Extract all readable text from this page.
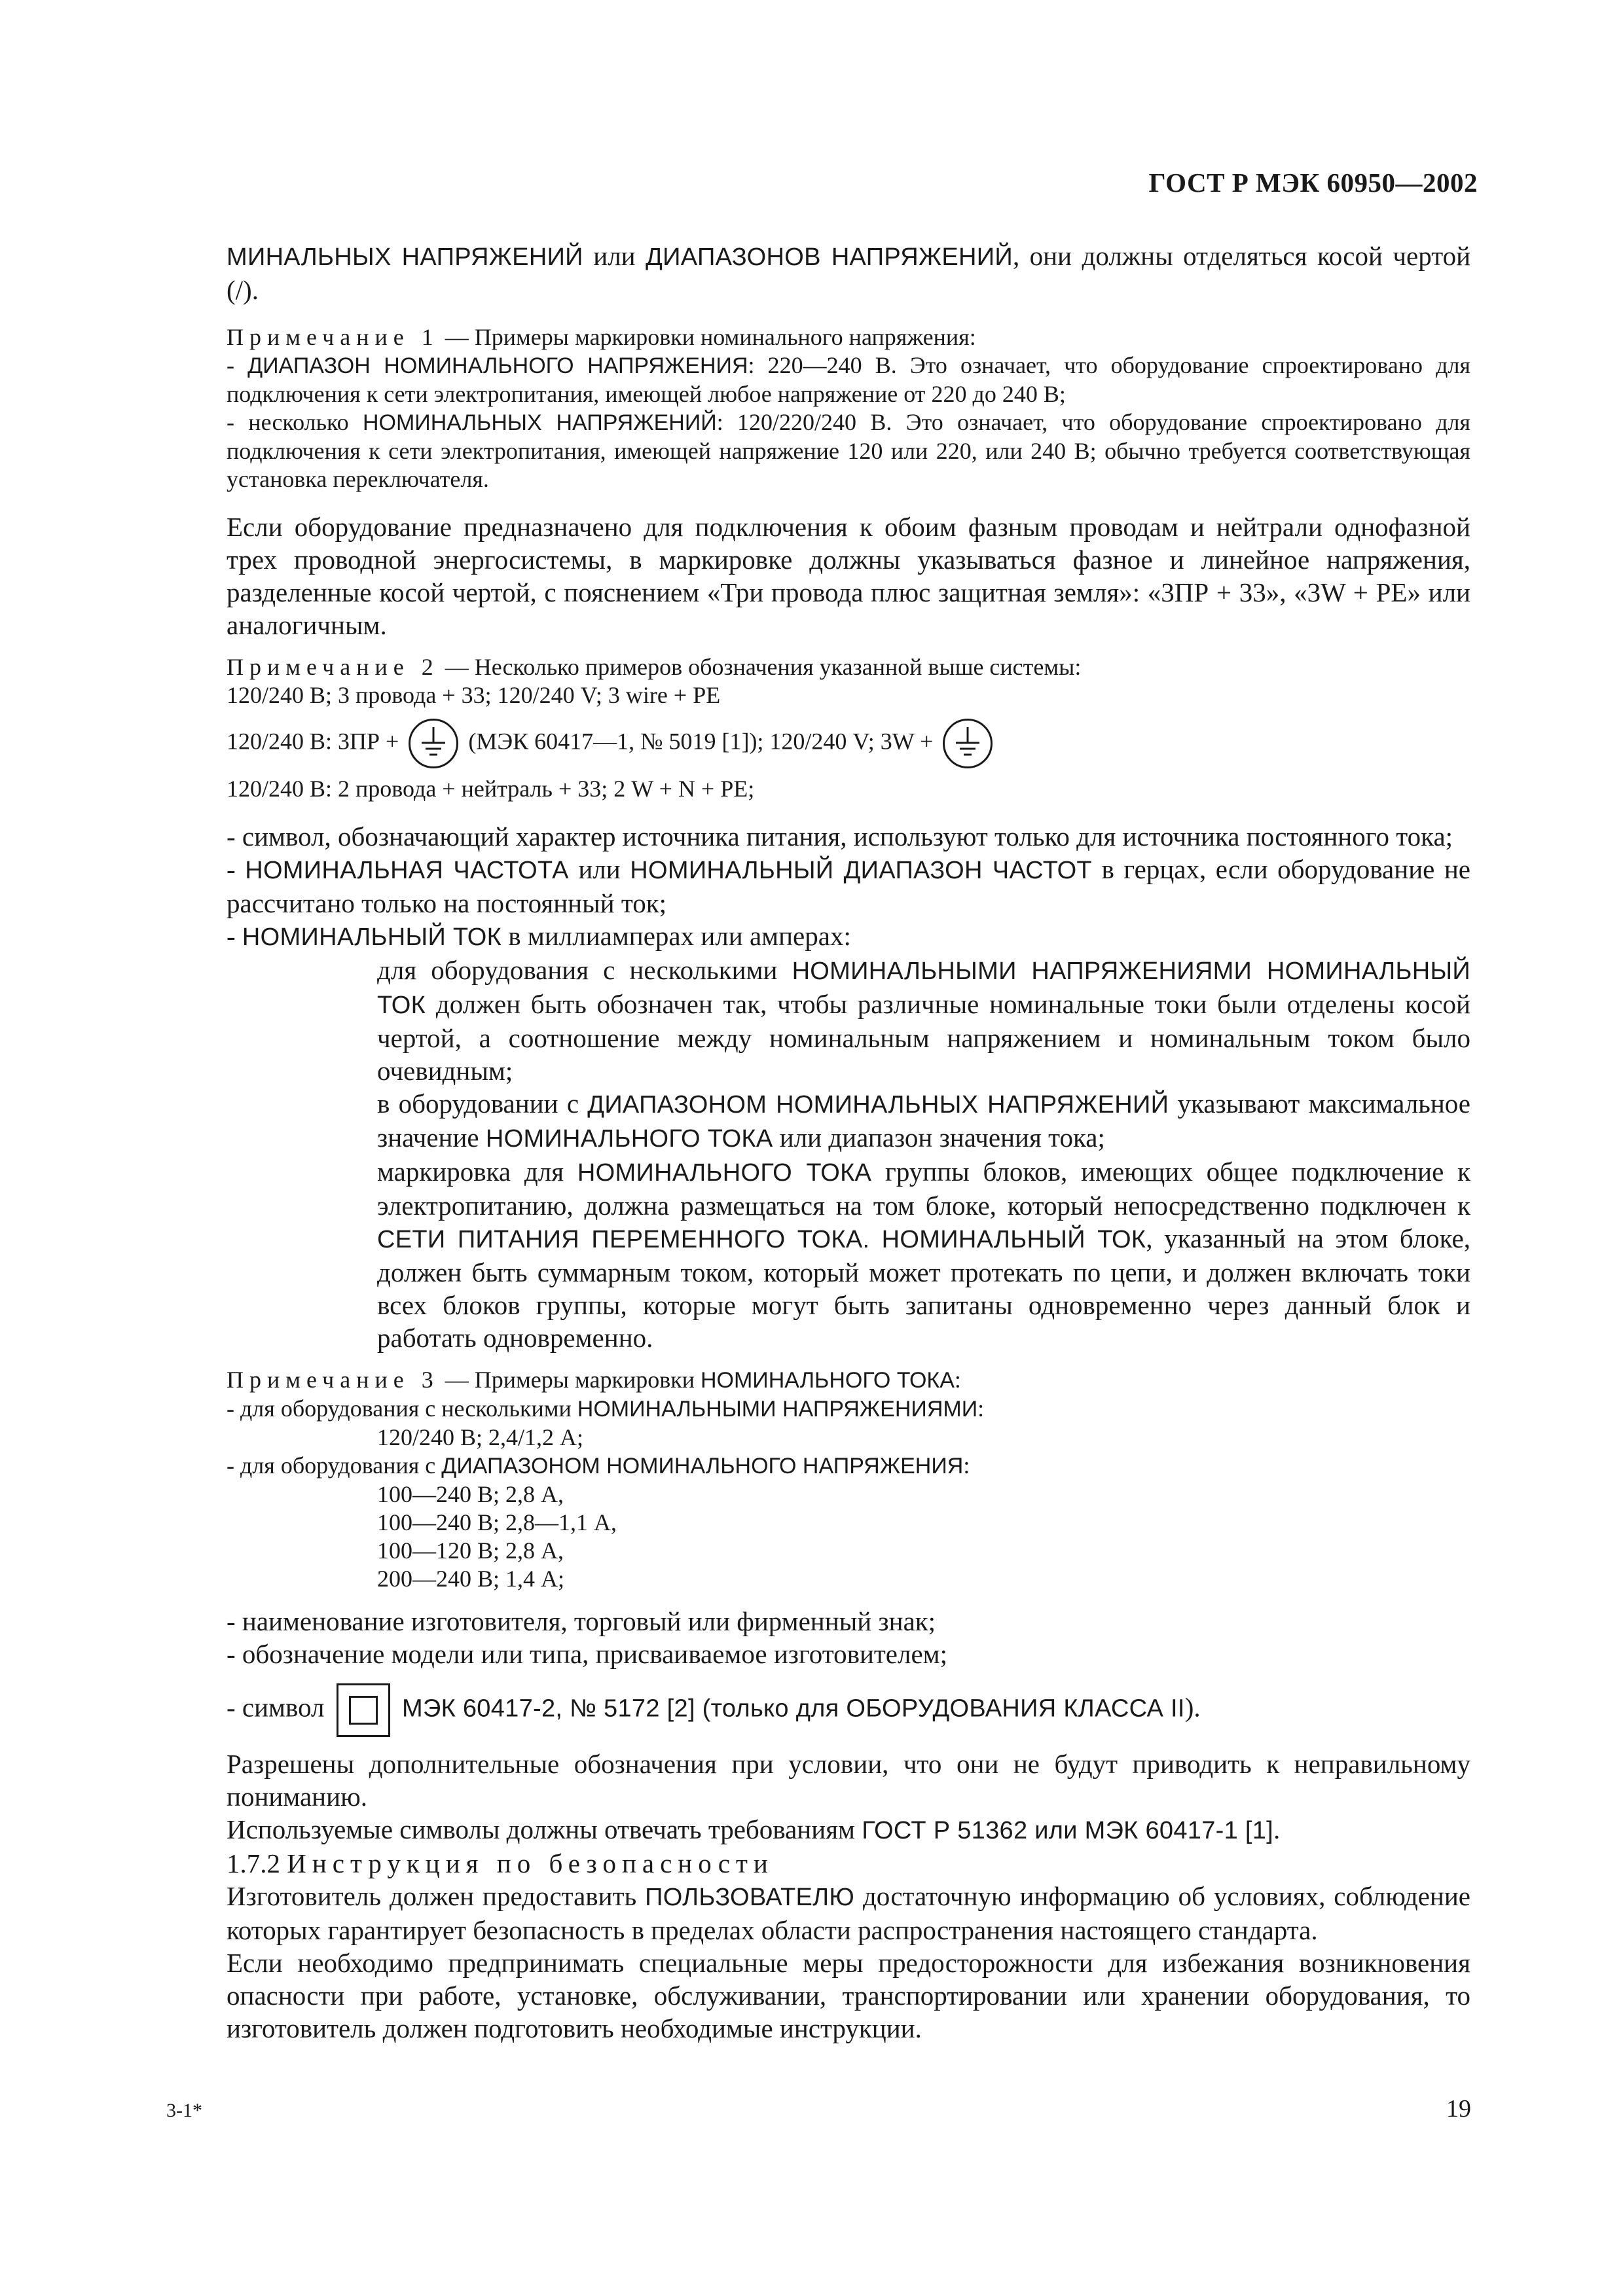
ГОСТ Р МЭК 60950—2002

МИНАЛЬНЫХ НАПРЯЖЕНИЙ или ДИАПАЗОНОВ НАПРЯЖЕНИЙ, они должны отделяться косой чертой (/).

Примечание 1 — Примеры маркировки номинального напряжения:

- ДИАПАЗОН НОМИНАЛЬНОГО НАПРЯЖЕНИЯ: 220—240 В. Это означает, что оборудование спроектировано для подключения к сети электропитания, имеющей любое напряжение от 220 до 240 В;

- несколько НОМИНАЛЬНЫХ НАПРЯЖЕНИЙ: 120/220/240 В. Это означает, что оборудование спроектировано для подключения к сети электропитания, имеющей напряжение 120 или 220, или 240 В; обычно требуется соответствующая установка переключателя.

Если оборудование предназначено для подключения к обоим фазным проводам и нейтрали однофазной трех проводной энергосистемы, в маркировке должны указываться фазное и линейное напряжения, разделенные косой чертой, с пояснением «Три провода плюс защитная земля»: «3ПР + 33», «3W + PE» или аналогичным.

Примечание 2 — Несколько примеров обозначения указанной выше системы:

120/240 В; 3 провода + 33; 120/240 V; 3 wire + PE

120/240 В: 3ПР +	(МЭК 60417—1, № 5019 [1]); 120/240 V; 3W +

120/240 В: 2 провода + нейтраль + 33; 2 W + N + PE;

- символ, обозначающий характер источника питания, используют только для источника постоянного тока;

- НОМИНАЛЬНАЯ ЧАСТОТА или НОМИНАЛЬНЫЙ ДИАПАЗОН ЧАСТОТ в герцах, если оборудование не рассчитано только на постоянный ток;

- НОМИНАЛЬНЫЙ ТОК в миллиамперах или амперах:

для оборудования с несколькими НОМИНАЛЬНЫМИ НАПРЯЖЕНИЯМИ НОМИНАЛЬНЫЙ ТОК должен быть обозначен так, чтобы различные номинальные токи были отделены косой чертой, а соотношение между номинальным напряжением и номинальным током было очевидным;

в оборудовании с ДИАПАЗОНОМ НОМИНАЛЬНЫХ НАПРЯЖЕНИЙ указывают максимальное значение НОМИНАЛЬНОГО ТОКА или диапазон значения тока;

маркировка для НОМИНАЛЬНОГО ТОКА группы блоков, имеющих общее подключение к электропитанию, должна размещаться на том блоке, который непосредственно подключен к СЕТИ ПИТАНИЯ ПЕРЕМЕННОГО ТОКА. НОМИНАЛЬНЫЙ ТОК, указанный на этом блоке, должен быть суммарным током, который может протекать по цепи, и должен включать токи всех блоков группы, которые могут быть запитаны одновременно через данный блок и работать одновременно.

Примечание 3 — Примеры маркировки НОМИНАЛЬНОГО ТОКА:

- для оборудования с несколькими НОМИНАЛЬНЫМИ НАПРЯЖЕНИЯМИ:

120/240 В; 2,4/1,2 А;

- для оборудования с ДИАПАЗОНОМ НОМИНАЛЬНОГО НАПРЯЖЕНИЯ:

100—240 В; 2,8 А,

100—240 В; 2,8—1,1 А,

100—120 В; 2,8 А,

200—240 В; 1,4 А;

- наименование изготовителя, торговый или фирменный знак;

- обозначение модели или типа, присваиваемое изготовителем;

- символ	МЭК 60417-2, № 5172 [2] (только для ОБОРУДОВАНИЯ КЛАССА II).

Разрешены дополнительные обозначения при условии, что они не будут приводить к неправильному пониманию.

Используемые символы должны отвечать требованиям ГОСТ Р 51362 или МЭК 60417-1 [1].

1.7.2 Инструкция по безопасности

Изготовитель должен предоставить ПОЛЬЗОВАТЕЛЮ достаточную информацию об условиях, соблюдение которых гарантирует безопасность в пределах области распространения настоящего стандарта.

Если необходимо предпринимать специальные меры предосторожности для избежания возникновения опасности при работе, установке, обслуживании, транспортировании или хранении оборудования, то изготовитель должен подготовить необходимые инструкции.

3-1*	19
